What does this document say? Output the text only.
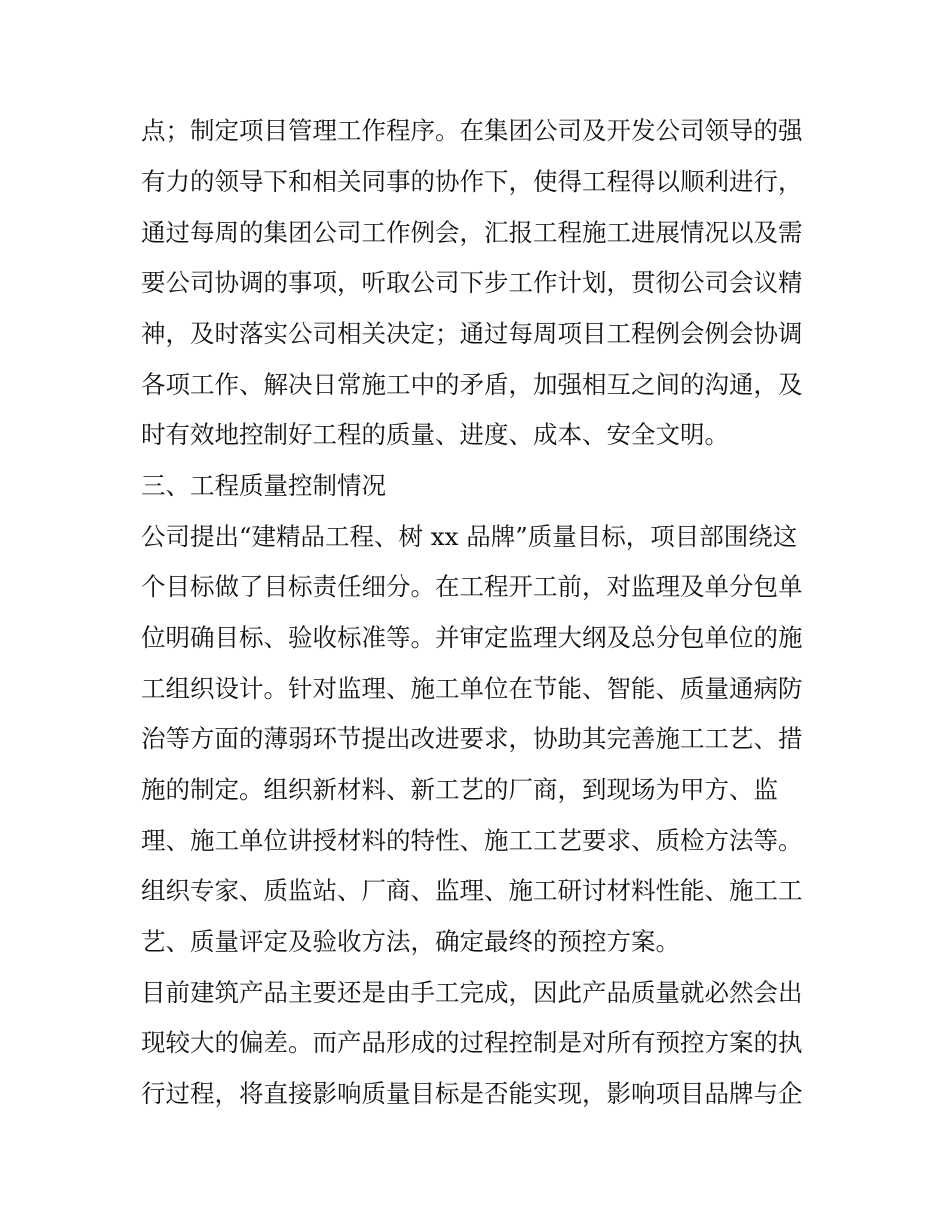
点；制定项目管理工作程序。在集团公司及开发公司领导的强
有力的领导下和相关同事的协作下，使得工程得以顺利进行，
通过每周的集团公司工作例会，汇报工程施工进展情况以及需
要公司协调的事项，听取公司下步工作计划，贯彻公司会议精
神，及时落实公司相关决定；通过每周项目工程例会例会协调
各项工作、解决日常施工中的矛盾，加强相互之间的沟通，及
时有效地控制好工程的质量、进度、成本、安全文明。
三、工程质量控制情况
公司提出“建精品工程、树 xx 品牌”质量目标，项目部围绕这
个目标做了目标责任细分。在工程开工前，对监理及单分包单
位明确目标、验收标准等。并审定监理大纲及总分包单位的施
工组织设计。针对监理、施工单位在节能、智能、质量通病防
治等方面的薄弱环节提出改进要求，协助其完善施工工艺、措
施的制定。组织新材料、新工艺的厂商，到现场为甲方、监
理、施工单位讲授材料的特性、施工工艺要求、质检方法等。
组织专家、质监站、厂商、监理、施工研讨材料性能、施工工
艺、质量评定及验收方法，确定最终的预控方案。
目前建筑产品主要还是由手工完成，因此产品质量就必然会出
现较大的偏差。而产品形成的过程控制是对所有预控方案的执
行过程，将直接影响质量目标是否能实现，影响项目品牌与企
